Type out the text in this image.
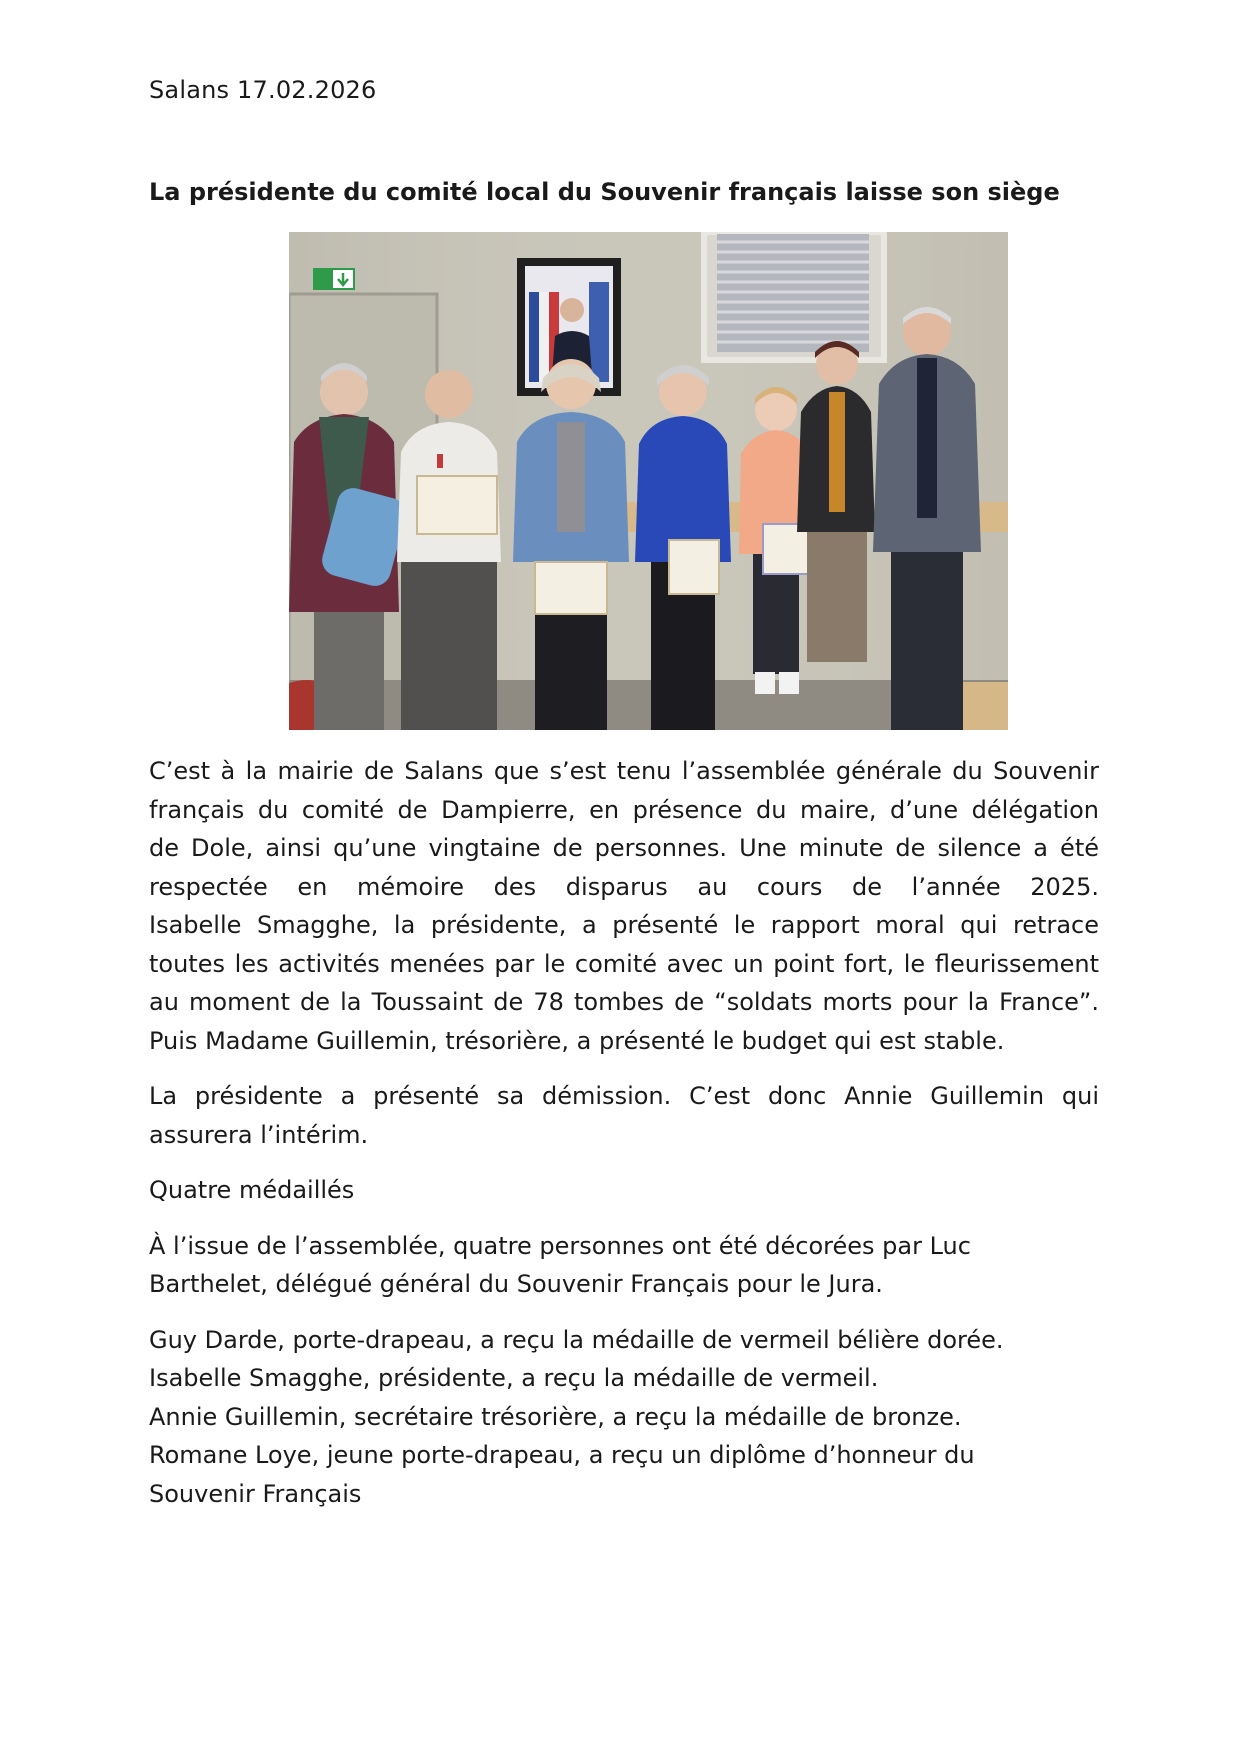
Salans 17.02.2026
La présidente du comité local du Souvenir français laisse son siège

C’est à la mairie de Salans que s’est tenu l’assemblée générale du Souvenir
français du comité de Dampierre, en présence du maire, d’une délégation
de Dole, ainsi qu’une vingtaine de personnes. Une minute de silence a été
respectée en mémoire des disparus au cours de l’année 2025.
Isabelle Smagghe, la présidente, a présenté le rapport moral qui retrace
toutes les activités menées par le comité avec un point fort, le fleurissement
au moment de la Toussaint de 78 tombes de “soldats morts pour la France”.
Puis Madame Guillemin, trésorière, a présenté le budget qui est stable.

La présidente a présenté sa démission. C’est donc Annie Guillemin qui
assurera l’intérim.

Quatre médaillés

À l’issue de l’assemblée, quatre personnes ont été décorées par Luc
Barthelet, délégué général du Souvenir Français pour le Jura.

Guy Darde, porte-drapeau, a reçu la médaille de vermeil bélière dorée.
Isabelle Smagghe, présidente, a reçu la médaille de vermeil.
Annie Guillemin, secrétaire trésorière, a reçu la médaille de bronze.
Romane Loye, jeune porte-drapeau, a reçu un diplôme d’honneur du
Souvenir Français
